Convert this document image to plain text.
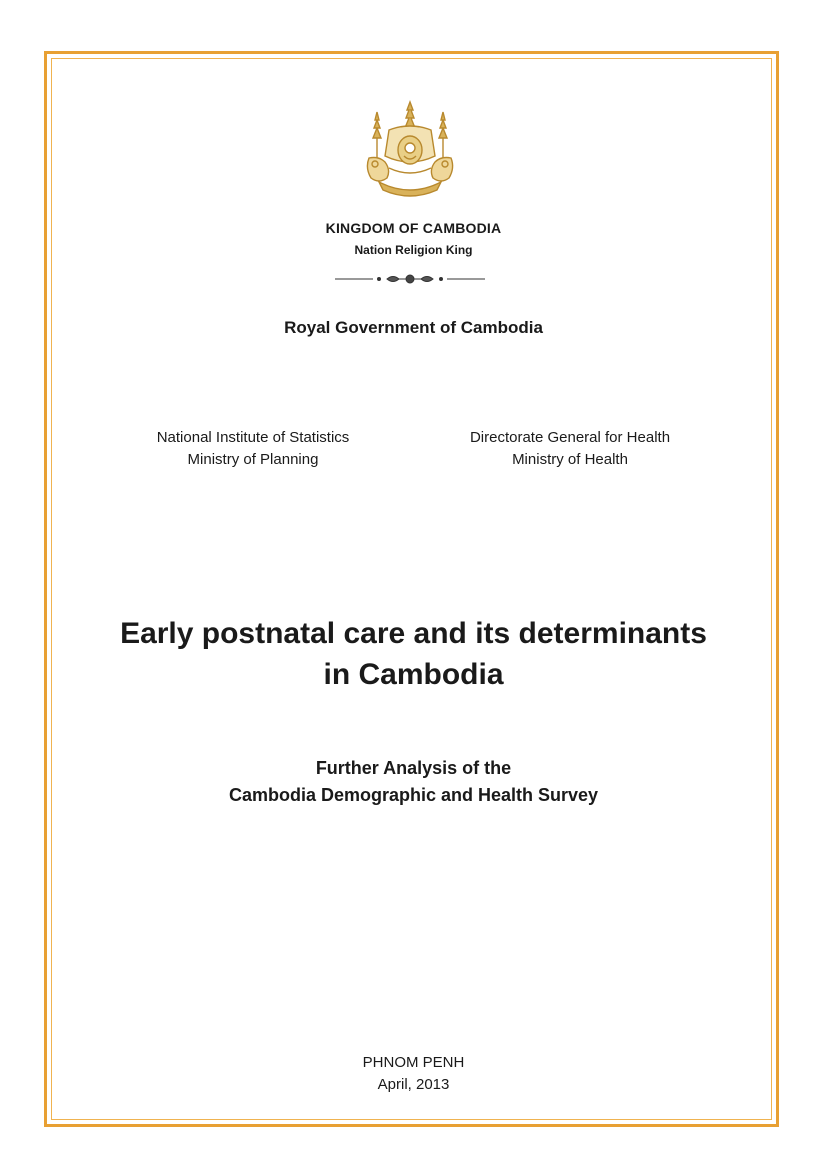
KINGDOM OF CAMBODIA
Nation Religion King
Royal Government of Cambodia
National Institute of Statistics
Ministry of Planning
Directorate General for Health
Ministry of Health
Early postnatal care and its determinants
in Cambodia
Further Analysis of the
Cambodia Demographic and Health Survey
PHNOM PENH
April, 2013
